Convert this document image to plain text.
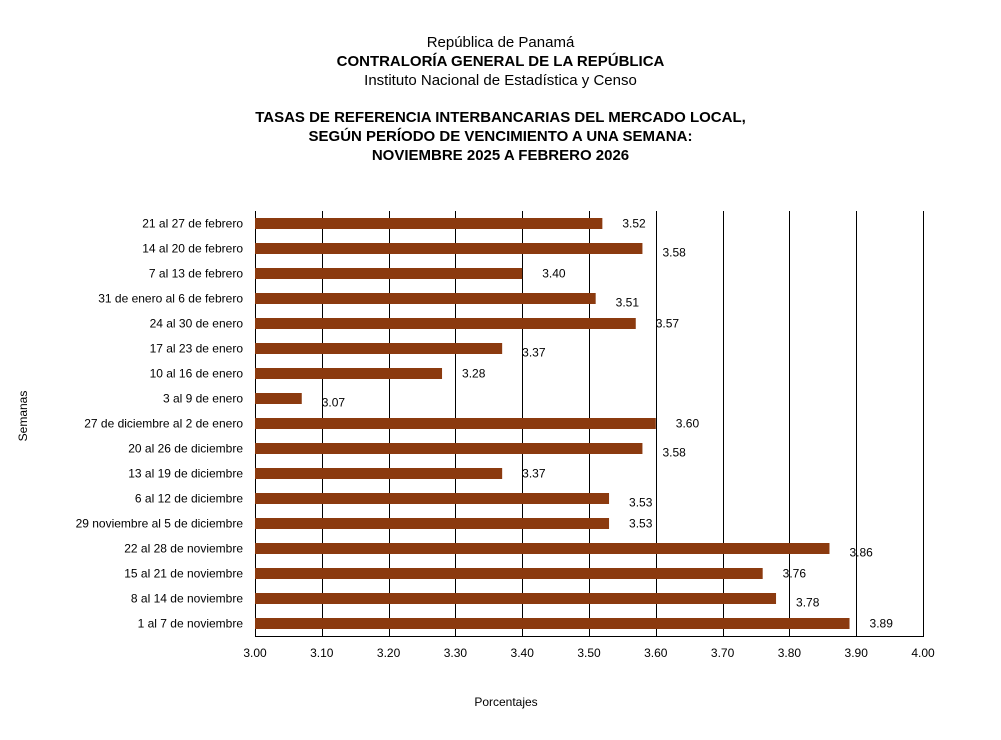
República de Panamá
CONTRALORÍA GENERAL DE LA REPÚBLICA
Instituto Nacional de Estadística y Censo
TASAS DE REFERENCIA INTERBANCARIAS DEL MERCADO LOCAL,
SEGÚN PERÍODO DE VENCIMIENTO A UNA SEMANA:
NOVIEMBRE 2025 A FEBRERO 2026
21 al 27 de febrero
14 al 20 de febrero
7 al 13 de febrero
31 de enero al 6 de febrero
24 al 30 de enero
17 al 23 de enero
10 al 16 de enero
3 al 9 de enero
27 de diciembre al 2 de enero
20 al 26 de diciembre
13 al 19 de diciembre
6 al 12 de diciembre
29 noviembre al 5 de diciembre
22 al 28 de noviembre
15 al 21 de noviembre
8 al 14 de noviembre
1 al 7 de noviembre
3.52
3.58
3.40
3.51
3.57
3.37
3.28
3.07
3.60
3.58
3.37
3.53
3.53
3.86
3.76
3.78
3.89
3.00	3.10	3.20	3.30	3.40	3.50	3.60	3.70	3.80	3.90	4.00
Porcentajes
Semanas
